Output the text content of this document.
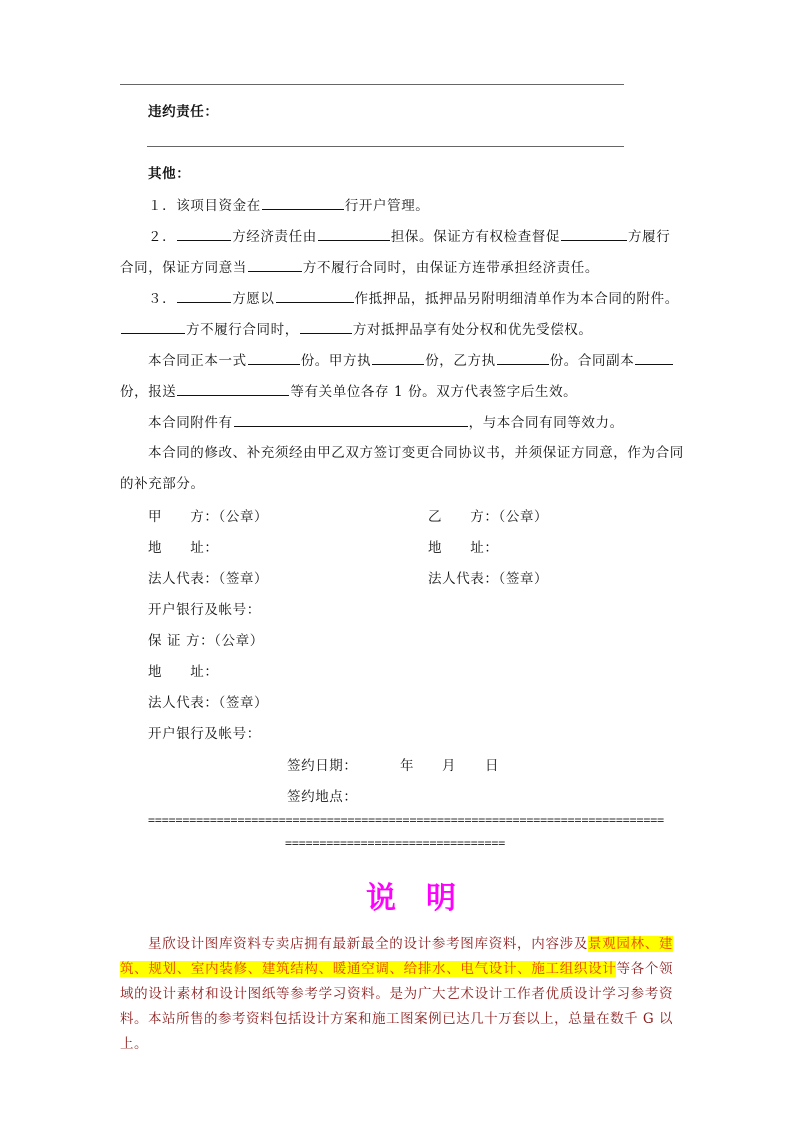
违约责任：
其他：
１．该项目资金在	行开户管理。
２．	方经济责任由	担保。保证方有权检查督促	方履行
合同，保证方同意当	方不履行合同时，由保证方连带承担经济责任。
３．	方愿以	作抵押品，抵押品另附明细清单作为本合同的附件。
方不履行合同时，	方对抵押品享有处分权和优先受偿权。
本合同正本一式	份。甲方执	份，乙方执	份。合同副本
份，报送	等有关单位各存 1 份。双方代表签字后生效。
本合同附件有	，与本合同有同等效力。
本合同的修改、补充须经由甲乙双方签订变更合同协议书，并须保证方同意，作为合同
的补充部分。
甲　　方：（公章）	乙　　方：（公章）
地　　址：	地　　址：
法人代表：（签章）	法人代表：（签章）
开户银行及帐号：
保 证 方：（公章）
地　　址：
法人代表：（签章）
开户银行及帐号：
签约日期：	年 月 日
签约地点：
===========================================================================
================================
说明
星欣设计图库资料专卖店拥有最新最全的设计参考图库资料，内容涉及景观园林、建筑、规划、室内装修、建筑结构、暖通空调、给排水、电气设计、施工组织设计等各个领域的设计素材和设计图纸等参考学习资料。是为广大艺术设计工作者优质设计学习参考资料。本站所售的参考资料包括设计方案和施工图案例已达几十万套以上，总量在数千 G 以上。
